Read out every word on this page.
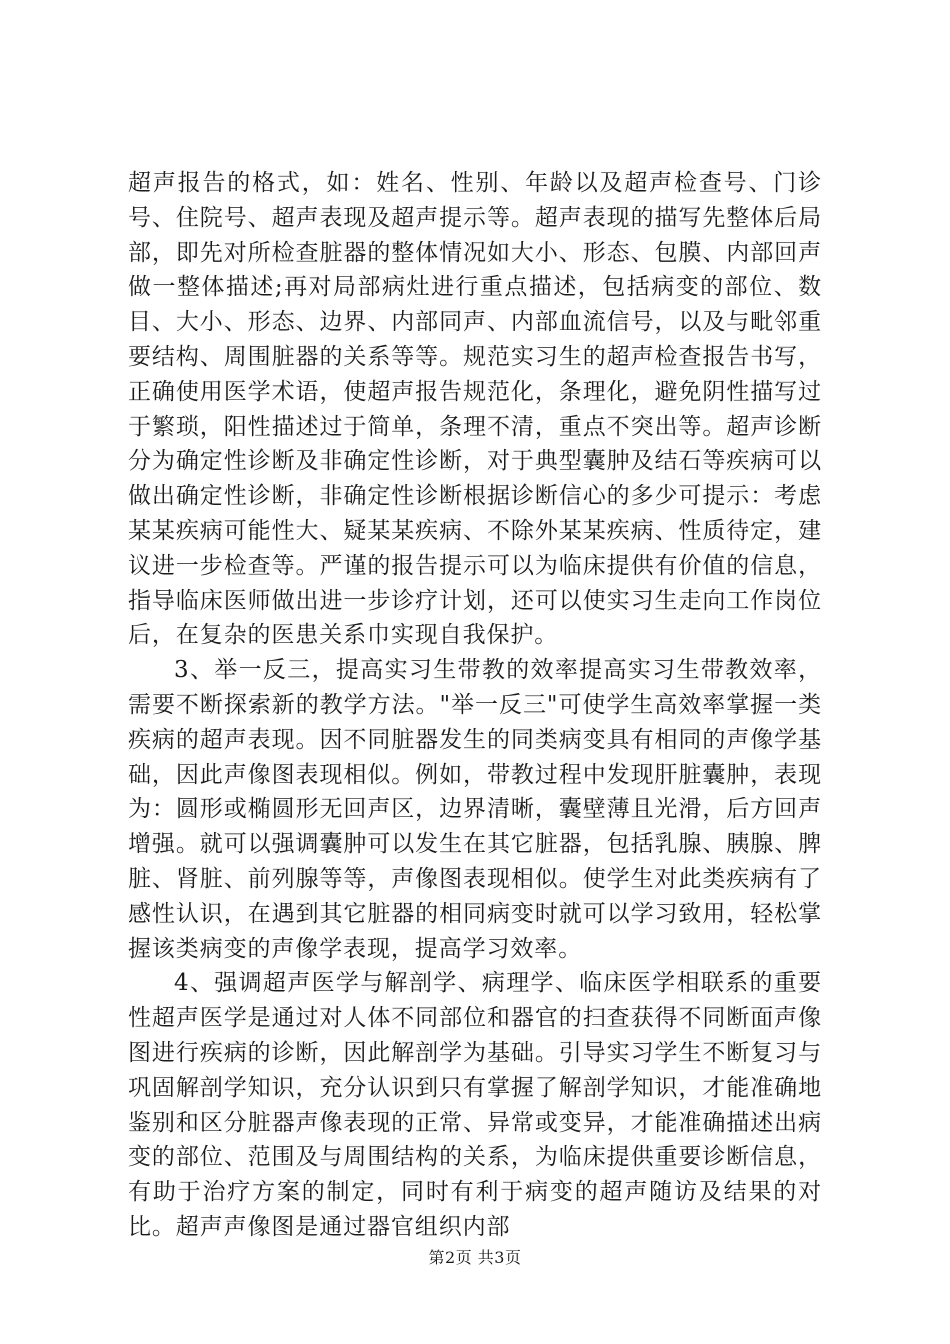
超声报告的格式，如：姓名、性别、年龄以及超声检查号、门诊号、住院号、超声表现及超声提示等。超声表现的描写先整体后局部，即先对所检查脏器的整体情况如大小、形态、包膜、内部回声做一整体描述;再对局部病灶进行重点描述，包括病变的部位、数目、大小、形态、边界、内部同声、内部血流信号，以及与毗邻重要结构、周围脏器的关系等等。规范实习生的超声检查报告书写，正确使用医学术语，使超声报告规范化，条理化，避免阴性描写过于繁琐，阳性描述过于简单，条理不清，重点不突出等。超声诊断分为确定性诊断及非确定性诊断，对于典型囊肿及结石等疾病可以做出确定性诊断，非确定性诊断根据诊断信心的多少可提示：考虑某某疾病可能性大、疑某某疾病、不除外某某疾病、性质待定，建议进一步检查等。严谨的报告提示可以为临床提供有价值的信息，指导临床医师做出进一步诊疗计划，还可以使实习生走向工作岗位后，在复杂的医患关系巾实现自我保护。

3、举一反三，提高实习生带教的效率提高实习生带教效率，需要不断探索新的教学方法。"举一反三"可使学生高效率掌握一类疾病的超声表现。因不同脏器发生的同类病变具有相同的声像学基础，因此声像图表现相似。例如，带教过程中发现肝脏囊肿，表现为：圆形或椭圆形无回声区，边界清晰，囊壁薄且光滑，后方回声增强。就可以强调囊肿可以发生在其它脏器，包括乳腺、胰腺、脾脏、肾脏、前列腺等等，声像图表现相似。使学生对此类疾病有了感性认识，在遇到其它脏器的相同病变时就可以学习致用，轻松掌握该类病变的声像学表现，提高学习效率。

4、强调超声医学与解剖学、病理学、临床医学相联系的重要性超声医学是通过对人体不同部位和器官的扫查获得不同断面声像图进行疾病的诊断，因此解剖学为基础。引导实习学生不断复习与巩固解剖学知识，充分认识到只有掌握了解剖学知识，才能准确地鉴别和区分脏器声像表现的正常、异常或变异，才能准确描述出病变的部位、范围及与周围结构的关系，为临床提供重要诊断信息，有助于治疗方案的制定，同时有利于病变的超声随访及结果的对比。超声声像图是通过器官组织内部

第2页 共3页
